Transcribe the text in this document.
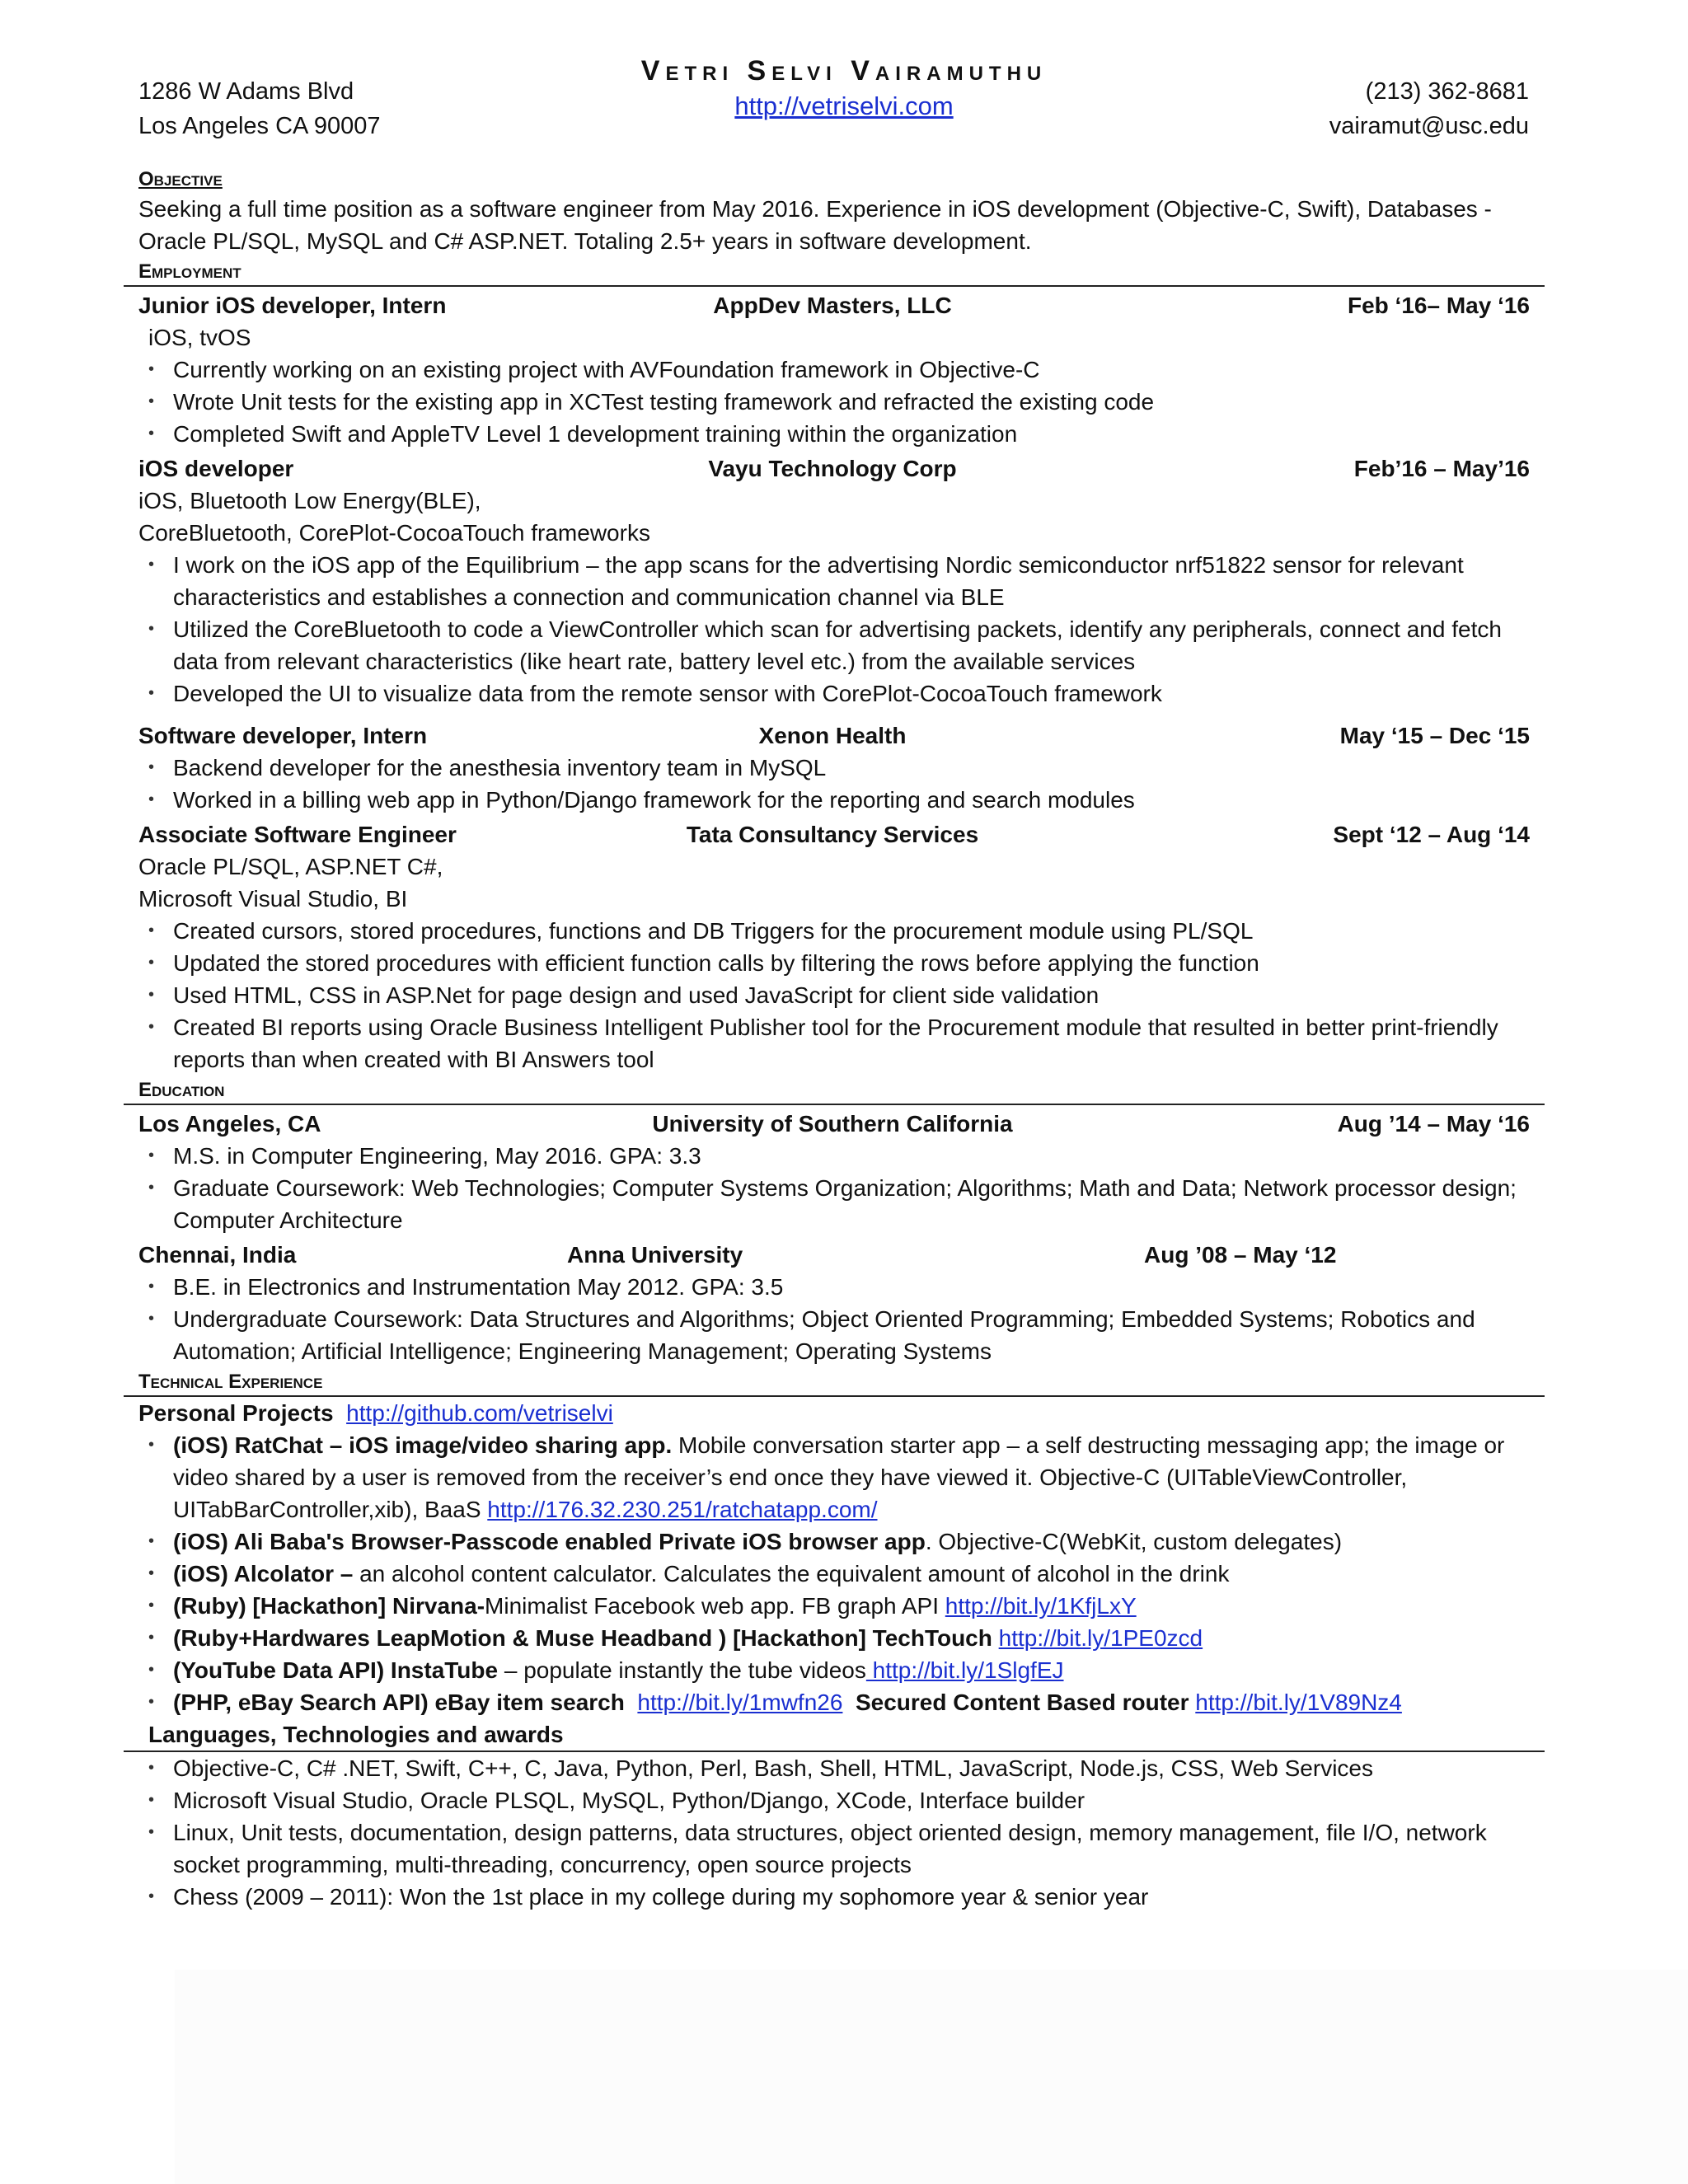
1286 W Adams Blvd
Los Angeles CA 90007
Vetri Selvi Vairamuthu
http://vetriselvi.com	(213) 362-8681
vairamut@usc.edu
Objective
Seeking a full time position as a software engineer from May 2016. Experience in iOS development (Objective-C, Swift), Databases - Oracle PL/SQL, MySQL and C# ASP.NET. Totaling 2.5+ years in software development.
Employment
Junior iOS developer, Intern	AppDev Masters, LLC	Feb ‘16– May ‘16
iOS, tvOS
• Currently working on an existing project with AVFoundation framework in Objective-C
• Wrote Unit tests for the existing app in XCTest testing framework and refracted the existing code
• Completed Swift and AppleTV Level 1 development training within the organization
iOS developer	Vayu Technology Corp	Feb’16 – May’16
iOS, Bluetooth Low Energy(BLE),
CoreBluetooth, CorePlot-CocoaTouch frameworks
• I work on the iOS app of the Equilibrium – the app scans for the advertising Nordic semiconductor nrf51822 sensor for relevant characteristics and establishes a connection and communication channel via BLE
• Utilized the CoreBluetooth to code a ViewController which scan for advertising packets, identify any peripherals, connect and fetch data from relevant characteristics (like heart rate, battery level etc.) from the available services
• Developed the UI to visualize data from the remote sensor with CorePlot-CocoaTouch framework
Software developer, Intern	Xenon Health	May ‘15 – Dec ‘15
• Backend developer for the anesthesia inventory team in MySQL
• Worked in a billing web app in Python/Django framework for the reporting and search modules
Associate Software Engineer	Tata Consultancy Services	Sept ‘12 – Aug ‘14
Oracle PL/SQL, ASP.NET C#,
Microsoft Visual Studio, BI
• Created cursors, stored procedures, functions and DB Triggers for the procurement module using PL/SQL
• Updated the stored procedures with efficient function calls by filtering the rows before applying the function
• Used HTML, CSS in ASP.Net for page design and used JavaScript for client side validation
• Created BI reports using Oracle Business Intelligent Publisher tool for the Procurement module that resulted in better print-friendly reports than when created with BI Answers tool
Education
Los Angeles, CA	University of Southern California	Aug ’14 – May ‘16
• M.S. in Computer Engineering, May 2016. GPA: 3.3
• Graduate Coursework: Web Technologies; Computer Systems Organization; Algorithms; Math and Data; Network processor design; Computer Architecture
Chennai, India	Anna University	Aug ’08 – May ‘12
• B.E. in Electronics and Instrumentation May 2012. GPA: 3.5
• Undergraduate Coursework: Data Structures and Algorithms; Object Oriented Programming; Embedded Systems; Robotics and Automation; Artificial Intelligence; Engineering Management; Operating Systems
Technical Experience
Personal Projects http://github.com/vetriselvi
• (iOS) RatChat – iOS image/video sharing app. Mobile conversation starter app – a self destructing messaging app; the image or video shared by a user is removed from the receiver’s end once they have viewed it. Objective-C (UITableViewController, UITabBarController,xib), BaaS http://176.32.230.251/ratchatapp.com/
• (iOS) Ali Baba's Browser-Passcode enabled Private iOS browser app. Objective-C(WebKit, custom delegates)
• (iOS) Alcolator – an alcohol content calculator. Calculates the equivalent amount of alcohol in the drink
• (Ruby) [Hackathon] Nirvana-Minimalist Facebook web app. FB graph API http://bit.ly/1KfjLxY
• (Ruby+Hardwares LeapMotion & Muse Headband ) [Hackathon] TechTouch http://bit.ly/1PE0zcd
• (YouTube Data API) InstaTube – populate instantly the tube videos http://bit.ly/1SlgfEJ
• (PHP, eBay Search API) eBay item search http://bit.ly/1mwfn26 Secured Content Based router http://bit.ly/1V89Nz4
Languages, Technologies and awards
• Objective-C, C# .NET, Swift, C++, C, Java, Python, Perl, Bash, Shell, HTML, JavaScript, Node.js, CSS, Web Services
• Microsoft Visual Studio, Oracle PLSQL, MySQL, Python/Django, XCode, Interface builder
• Linux, Unit tests, documentation, design patterns, data structures, object oriented design, memory management, file I/O, network socket programming, multi-threading, concurrency, open source projects
• Chess (2009 – 2011): Won the 1st place in my college during my sophomore year & senior year
